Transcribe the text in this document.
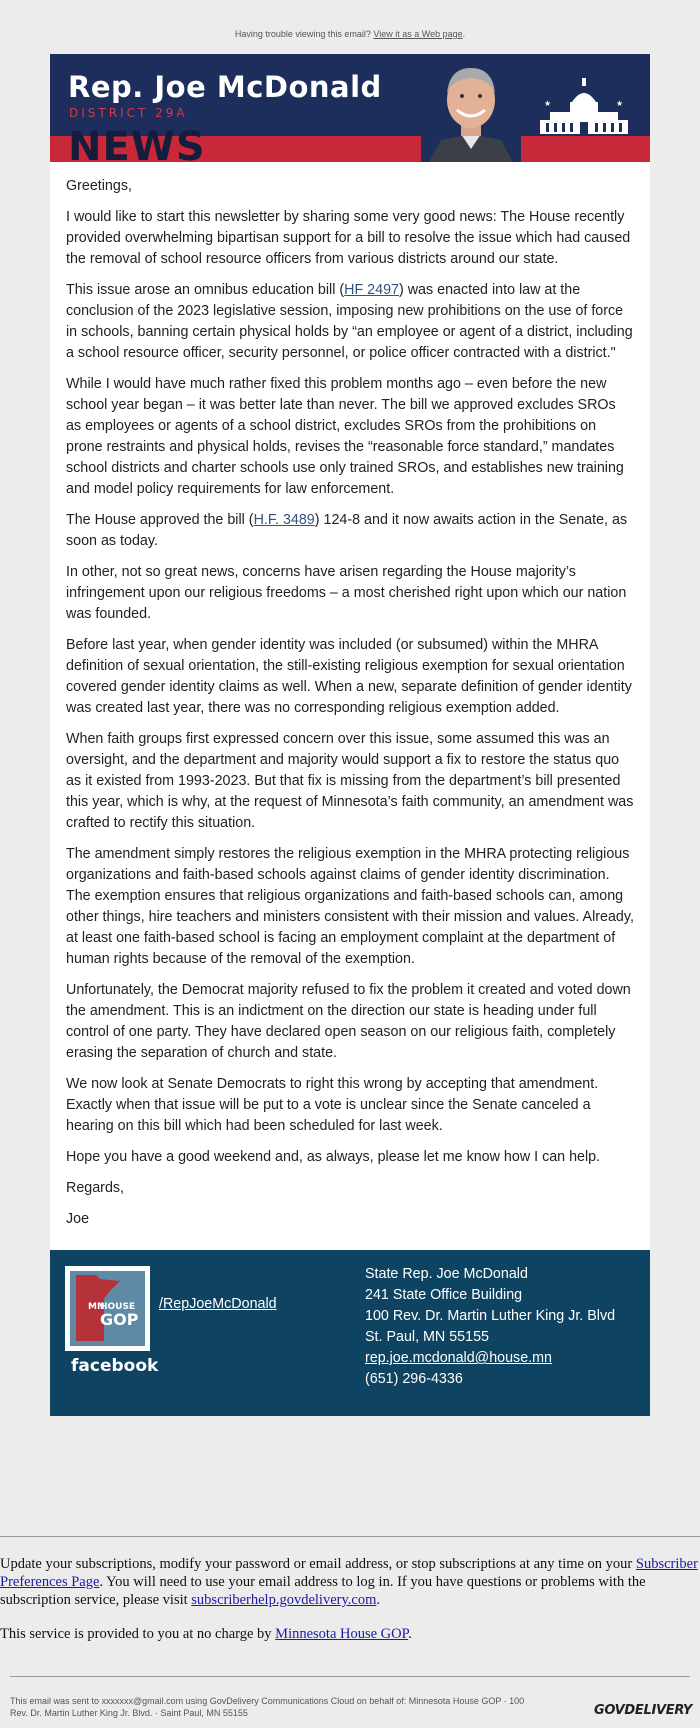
Having trouble viewing this email? View it as a Web page.
Rep. Joe McDonald
DISTRICT 29A
NEWS
★	★

Greetings,

I would like to start this newsletter by sharing some very good news: The House recently provided overwhelming bipartisan support for a bill to resolve the issue which had caused the removal of school resource officers from various districts around our state.

This issue arose an omnibus education bill (HF 2497) was enacted into law at the conclusion of the 2023 legislative session, imposing new prohibitions on the use of force in schools, banning certain physical holds by “an employee or agent of a district, including a school resource officer, security personnel, or police officer contracted with a district."

While I would have much rather fixed this problem months ago – even before the new school year began – it was better late than never. The bill we approved excludes SROs as employees or agents of a school district, excludes SROs from the prohibitions on prone restraints and physical holds, revises the “reasonable force standard,” mandates school districts and charter schools use only trained SROs, and establishes new training and model policy requirements for law enforcement.

The House approved the bill (H.F. 3489) 124-8 and it now awaits action in the Senate, as soon as today.

In other, not so great news, concerns have arisen regarding the House majority’s infringement upon our religious freedoms – a most cherished right upon which our nation was founded.

Before last year, when gender identity was included (or subsumed) within the MHRA definition of sexual orientation, the still-existing religious exemption for sexual orientation covered gender identity claims as well. When a new, separate definition of gender identity was created last year, there was no corresponding religious exemption added.

When faith groups first expressed concern over this issue, some assumed this was an oversight, and the department and majority would support a fix to restore the status quo as it existed from 1993-2023. But that fix is missing from the department’s bill presented this year, which is why, at the request of Minnesota’s faith community, an amendment was crafted to rectify this situation.

The amendment simply restores the religious exemption in the MHRA protecting religious organizations and faith-based schools against claims of gender identity discrimination. The exemption ensures that religious organizations and faith-based schools can, among other things, hire teachers and ministers consistent with their mission and values. Already, at least one faith-based school is facing an employment complaint at the department of human rights because of the removal of the exemption.

Unfortunately, the Democrat majority refused to fix the problem it created and voted down the amendment. This is an indictment on the direction our state is heading under full control of one party. They have declared open season on our religious faith, completely erasing the separation of church and state.

We now look at Senate Democrats to right this wrong by accepting that amendment. Exactly when that issue will be put to a vote is unclear since the Senate canceled a hearing on this bill which had been scheduled for last week.

Hope you have a good weekend and, as always, please let me know how I can help.

Regards,

Joe

MN
HOUSE
GOP
facebook
/RepJoeMcDonald
State Rep. Joe McDonald
241 State Office Building
100 Rev. Dr. Martin Luther King Jr. Blvd
St. Paul, MN 55155
rep.joe.mcdonald@house.mn
(651) 296-4336

Update your subscriptions, modify your password or email address, or stop subscriptions at any time on your Subscriber Preferences Page. You will need to use your email address to log in. If you have questions or problems with the subscription service, please visit subscriberhelp.govdelivery.com.

This service is provided to you at no charge by Minnesota House GOP.

This email was sent to xxxxxxx@gmail.com using GovDelivery Communications Cloud on behalf of: Minnesota House GOP · 100
Rev. Dr. Martin Luther King Jr. Blvd. · Saint Paul, MN 55155	GOVDELIVERY
